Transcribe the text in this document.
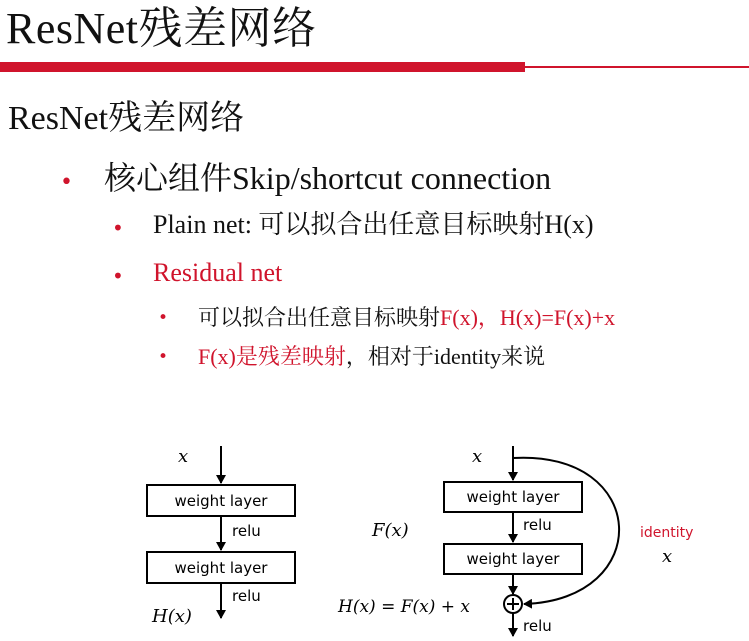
ResNet残差网络
ResNet残差网络
• 核心组件Skip/shortcut connection
• Plain net: 可以拟合出任意目标映射H(x)
• Residual net
• 可以拟合出任意目标映射F(x)，H(x)=F(x)+x
• F(x)是残差映射，相对于identity来说
x
weight layer
relu
weight layer
relu
H(x)
x
weight layer
relu
weight layer
F(x)	identity
x
H(x) = F(x) + x
relu
